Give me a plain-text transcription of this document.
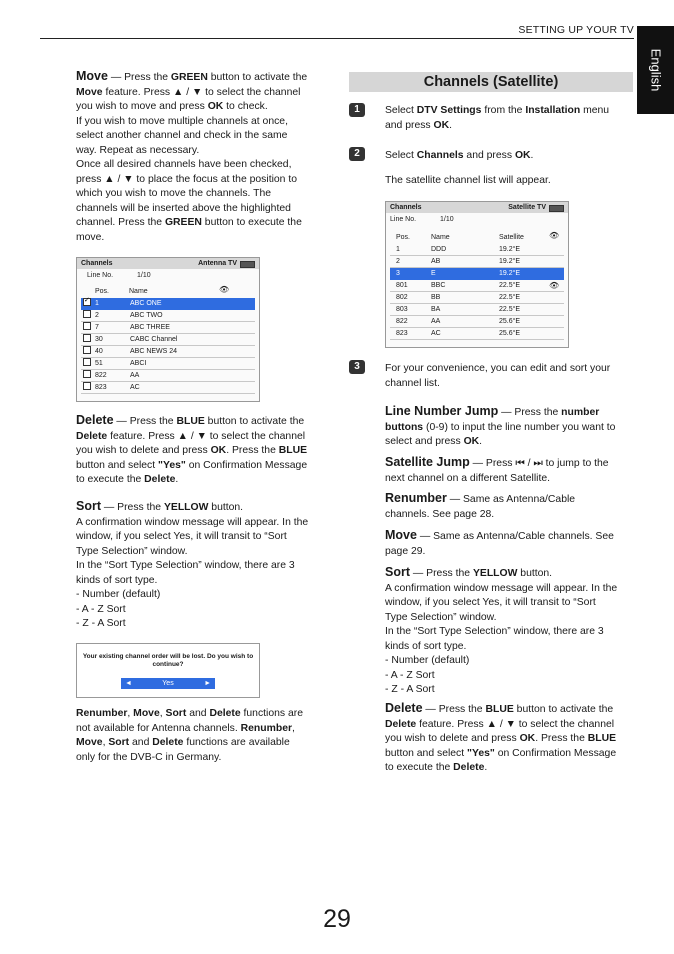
SETTING UP YOUR TV
English

Move — Press the GREEN button to activate the

Move feature. Press ▲ / ▼ to select the channel

you wish to move and press OK to check.

If you wish to move multiple channels at once,

select another channel and check in the same

way. Repeat as necessary.

Once all desired channels have been checked,

press ▲ / ▼ to place the focus at the position to

which you wish to move the channels. The

channels will be inserted above the highlighted

channel. Press the GREEN button to execute the

move.

Channels	Antenna TV
Line No.	1/10
Pos.	Name	👁
✓
1	ABC ONE
2	ABC TWO
7	ABC THREE
30	CABC Channel
40	ABC NEWS 24
51	ABCI
822	AA
823	AC

Delete — Press the BLUE button to activate the

Delete feature. Press ▲ / ▼ to select the channel

you wish to delete and press OK. Press the BLUE

button and select "Yes" on Confirmation Message

to execute the Delete.

Sort — Press the YELLOW button.

A confirmation window message will appear. In the

window, if you select Yes, it will transit to “Sort

Type Selection” window.

In the “Sort Type Selection” window, there are 3

kinds of sort type.

- Number (default)

- A - Z Sort

- Z - A Sort

Your existing channel order will be lost. Do you wish to continue?
◄	Yes	►

Renumber, Move, Sort and Delete functions are

not available for Antenna channels. Renumber,

Move, Sort and Delete functions are available

only for the DVB-C in Germany.

Channels (Satellite)
1	Select DTV Settings from the Installation menu

and press OK.

2	Select Channels and press OK.

The satellite channel list will appear.

Channels	Satellite TV
Line No.	1/10
Pos.	Name	Satellite	👁
1	DDD	19.2°E
2	AB	19.2°E
3	E	19.2°E
801	BBC	22.5°E	👁
802	BB	22.5°E
803	BA	22.5°E
822	AA	25.6°E
823	AC	25.6°E
3	For your convenience, you can edit and sort your

channel list.

Line Number Jump — Press the number

buttons (0-9) to input the line number you want to

select and press OK.

Satellite Jump — Press ⏮ / ⏭ to jump to the

next channel on a different Satellite.

Renumber — Same as Antenna/Cable

channels. See page 28.

Move — Same as Antenna/Cable channels. See

page 29.

Sort — Press the YELLOW button.

A confirmation window message will appear. In the

window, if you select Yes, it will transit to “Sort

Type Selection” window.

In the “Sort Type Selection” window, there are 3

kinds of sort type.

- Number (default)

- A - Z Sort

- Z - A Sort

Delete — Press the BLUE button to activate the

Delete feature. Press ▲ / ▼ to select the channel

you wish to delete and press OK. Press the BLUE

button and select "Yes" on Confirmation Message

to execute the Delete.

29
